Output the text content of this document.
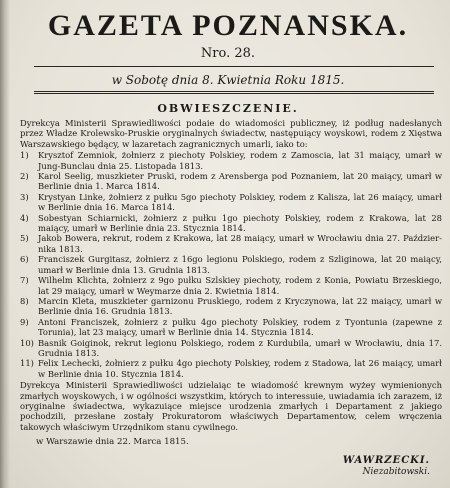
GAZETA POZNANSKA.
Nro. 28.
w Sobotę dnia 8. Kwietnia Roku 1815.
OBWIESZCZENIE.
Dyrekcya Ministerii Sprawiedliwości podaie do wiadomości publiczney, iż podług nadesłanych przez Władze Krolewsko-Pruskie oryginalnych świadectw, następuiący woyskowi, rodem z Xięstwa Warszawskiego będący, w lazaretach zagranicznych umarli, iako to:
1)	Krysztof Zemniok, żołnierz z piechoty Polskiey, rodem z Zamoscia, lat 31 maiący, umarł w Jung-Bunclau dnia 25. Listopada 1813.
2)	Karol Seelig, muszkieter Pruski, rodem z Arensberga pod Poznaniem, lat 20 maiący, umarł w Berlinie dnia 1. Marca 1814.
3)	Krystyan Linke, żołnierz z pułku 5go piechoty Polskiey, rodem z Kalisza, lat 26 maiący, umarł w Berlinie dnia 16. Marca 1814.
4)	Sobestyan Schiarnicki, żołnierz z pułku 1go piechoty Polskiey, rodem z Krakowa, lat 28 maiący, umarł w Berlinie dnia 23. Stycznia 1814.
5)	Jakob Bowera, rekrut, rodem z Krakowa, lat 28 maiący, umarł w Wrocławiu dnia 27. Października 1813.
6)	Franciszek Gurgitasz, żołnierz z 16go legionu Polskiego, rodem z Szliginowa, lat 20 maiący, umarł w Berlinie dnia 13. Grudnia 1813.
7)	Wilhelm Klichta, żołnierz z 9go pułku Szlskiey piechoty, rodem z Konia, Powiatu Brzeskiego, lat 29 maiący, umarł w Weymarze dnia 2. Kwietnia 1814.
8)	Marcin Kleta, muszkieter garnizonu Pruskiego, rodem z Kryczynowa, lat 22 maiący, umarł w Berlinie dnia 16. Grudnia 1813.
9)	Antoni Franciszek, żołnierz z pułku 4go piechoty Polskiey, rodem z Tyontunia (zapewne z Torunia), lat 23 maiący, umarł w Berlinie dnia 14. Stycznia 1814.
10) Basnik Goiginok, rekrut legionu Polskiego, rodem z Kurdubila, umarł w Wrocławiu, dnia 17. Grudnia 1813.
11) Felix Lechecki, żołnierz z pułku 4go piechoty Polskiey, rodem z Stadowa, lat 26 maiący, umarł w Berlinie dnia 10. Stycznia 1814.
Dyrekcya Ministerii Sprawiedliwości udzielaiąc te wiadomość krewnym wyżey wymienionych zmarłych woyskowych, i w ogólności wszystkim, których to interessuie, uwiadamia ich zarazem, iż oryginalne świadectwa, wykazuiące miejsce urodzenia zmarłych i Departament z jakiego pochodzili, przesłane zostały Prokuratorom właściwych Departamentow, celem wręczenia takowych właściwym Urzędnikom stanu cywilnego.
w Warszawie dnia 22. Marca 1815.
WAWRZECKI.
Niezabitowski.
